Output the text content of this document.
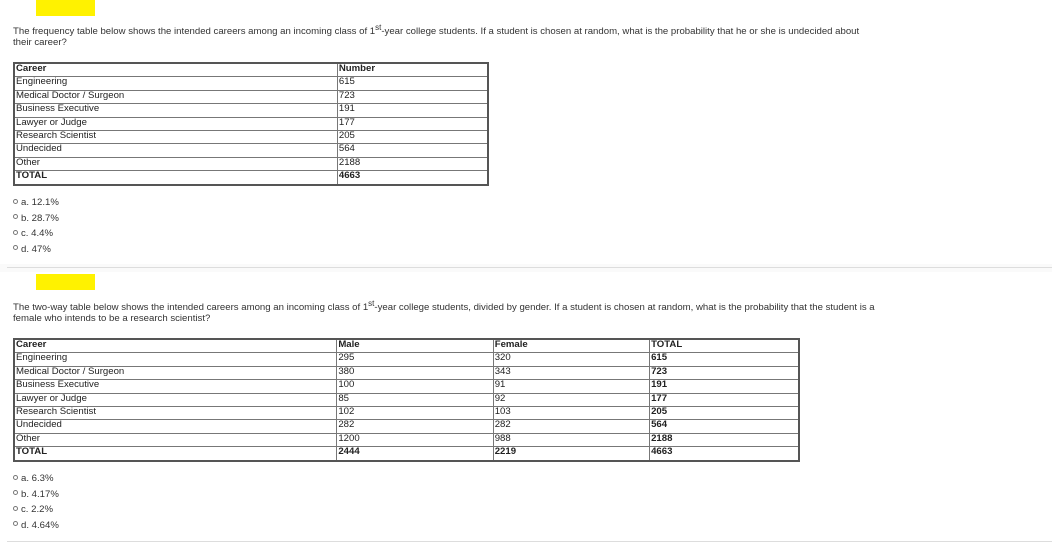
The frequency table below shows the intended careers among an incoming class of 1st-year college students. If a student is chosen at random, what is the probability that he or she is undecided about
their career?
Career	Number
Engineering	615
Medical Doctor / Surgeon	723
Business Executive	191
Lawyer or Judge	177
Research Scientist	205
Undecided	564
Other	2188
TOTAL	4663
a. 12.1%
b. 28.7%
c. 4.4%
d. 47%
The two-way table below shows the intended careers among an incoming class of 1st-year college students, divided by gender. If a student is chosen at random, what is the probability that the student is a
female who intends to be a research scientist?
Career	Male	Female	TOTAL
Engineering	295	320	615
Medical Doctor / Surgeon	380	343	723
Business Executive	100	91	191
Lawyer or Judge	85	92	177
Research Scientist	102	103	205
Undecided	282	282	564
Other	1200	988	2188
TOTAL	2444	2219	4663
a. 6.3%
b. 4.17%
c. 2.2%
d. 4.64%
